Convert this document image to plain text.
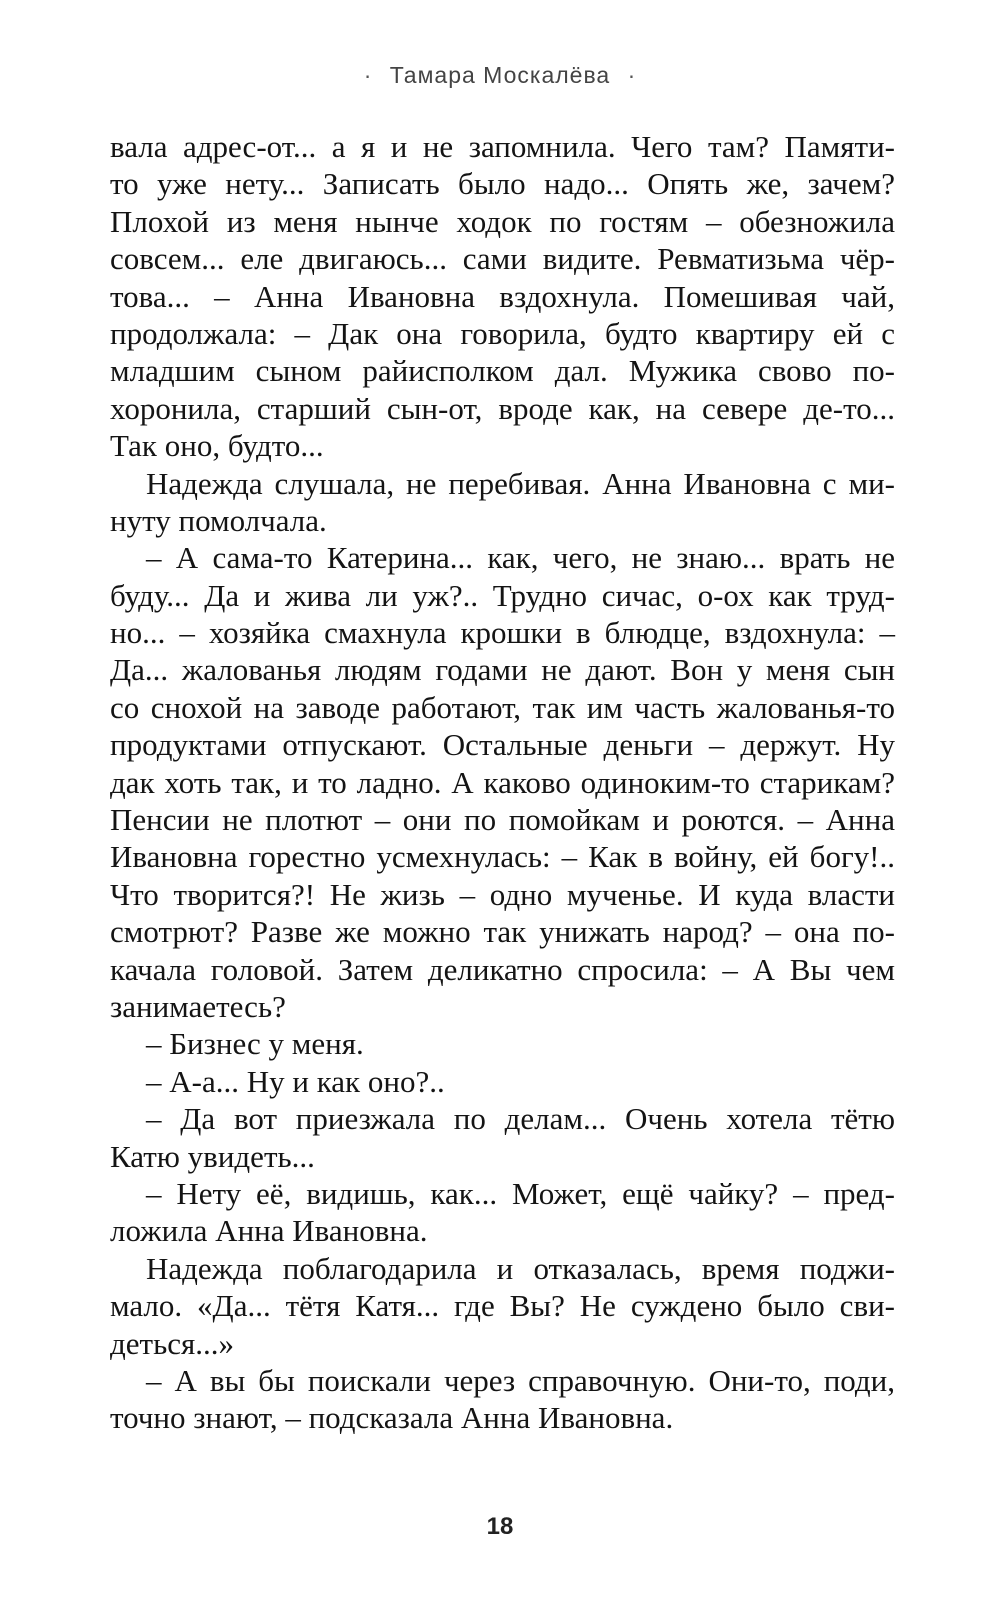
· Тамара Москалёва ·
вала адрес-от... а я и не запомнила. Чего там? Памяти-
то уже нету... Записать было надо... Опять же, зачем?
Плохой из меня нынче ходок по гостям – обезножила
совсем... еле двигаюсь... сами видите. Ревматизьма чёр-
това... – Анна Ивановна вздохнула. Помешивая чай,
продолжала: – Дак она говорила, будто квартиру ей с
младшим сыном райисполком дал. Мужика свово по-
хоронила, старший сын-от, вроде как, на севере де-то...
Так оно, будто...
Надежда слушала, не перебивая. Анна Ивановна с ми-
нуту помолчала.
– А сама-то Катерина... как, чего, не знаю... врать не
буду... Да и жива ли уж?.. Трудно сичас, о-ох как труд-
но... – хозяйка смахнула крошки в блюдце, вздохнула: –
Да... жалованья людям годами не дают. Вон у меня сын
со снохой на заводе работают, так им часть жалованья-то
продуктами отпускают. Остальные деньги – держут. Ну
дак хоть так, и то ладно. А каково одиноким-то старикам?
Пенсии не плотют – они по помойкам и роются. – Анна
Ивановна горестно усмехнулась: – Как в войну, ей богу!..
Что творится?! Не жизь – одно мученье. И куда власти
смотрют? Разве же можно так унижать народ? – она по-
качала головой. Затем деликатно спросила: – А Вы чем
занимаетесь?
– Бизнес у меня.
– А-а... Ну и как оно?..
– Да вот приезжала по делам... Очень хотела тётю
Катю увидеть...
– Нету её, видишь, как... Может, ещё чайку? – пред-
ложила Анна Ивановна.
Надежда поблагодарила и отказалась, время поджи-
мало. «Да... тётя Катя... где Вы? Не суждено было сви-
деться...»
– А вы бы поискали через справочную. Они-то, поди,
точно знают, – подсказала Анна Ивановна.
18
